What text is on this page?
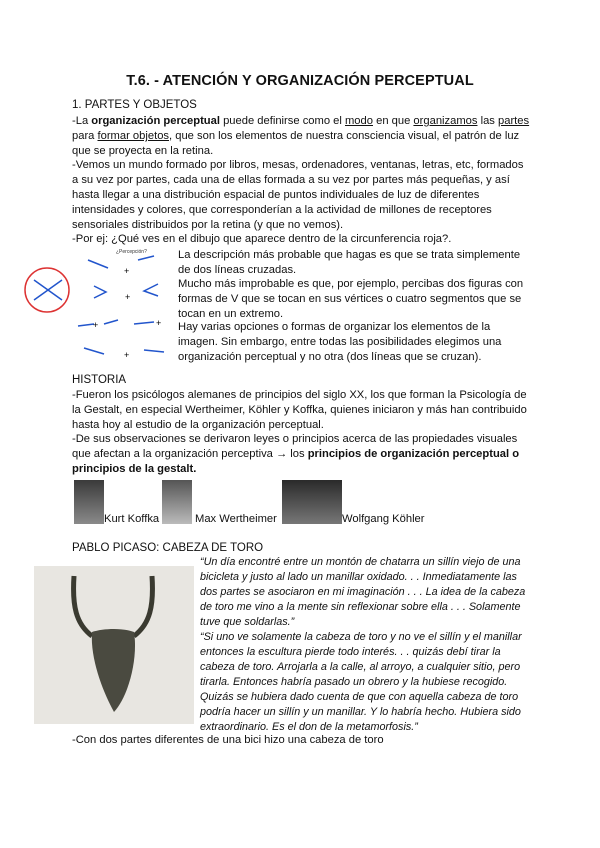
T.6. - ATENCIÓN Y ORGANIZACIÓN PERCEPTUAL
1. PARTES Y OBJETOS
-La organización perceptual puede definirse como el modo en que organizamos las partes para formar objetos, que son los elementos de nuestra consciencia visual, el patrón de luz que se proyecta en la retina.
-Vemos un mundo formado por libros, mesas, ordenadores, ventanas, letras, etc, formados a su vez por partes, cada una de ellas formada a su vez por partes más pequeñas, y así hasta llegar a una distribución espacial de puntos individuales de luz de diferentes intensidades y colores, que corresponderían a la actividad de millones de receptores sensoriales distribuidos por la retina (y que no vemos).
-Por ej: ¿Qué ves en el dibujo que aparece dentro de la circunferencia roja?.
¿Percepción?
+
+
+	+
+
La descripción más probable que hagas es que se trata simplemente de dos líneas cruzadas.
Mucho más improbable es que, por ejemplo, percibas dos figuras con formas de V que se tocan en sus vértices o cuatro segmentos que se tocan en un extremo.
Hay varias opciones o formas de organizar los elementos de la imagen. Sin embargo, entre todas las posibilidades elegimos una organización perceptual y no otra (dos líneas que se cruzan).
HISTORIA
-Fueron los psicólogos alemanes de principios del siglo XX, los que forman la Psicología de la Gestalt, en especial Wertheimer, Köhler y Koffka, quienes iniciaron y más han contribuido hasta hoy al estudio de la organización perceptual.
-De sus observaciones se derivaron leyes o principios acerca de las propiedades visuales que afectan a la organización perceptiva → los principios de organización perceptual o principios de la gestalt.
Kurt Koffka	Max Wertheimer	Wolfgang Köhler
PABLO PICASO: CABEZA DE TORO
“Un día encontré entre un montón de chatarra un sillín viejo de una bicicleta y justo al lado un manillar oxidado. . . Inmediatamente las dos partes se asociaron en mi imaginación . . . La idea de la cabeza de toro me vino a la mente sin reflexionar sobre ella . . . Solamente tuve que soldarlas.”
“Si uno ve solamente la cabeza de toro y no ve el sillín y el manillar entonces la escultura pierde todo interés. . . quizás debí tirar la cabeza de toro. Arrojarla a la calle, al arroyo, a cualquier sitio, pero tirarla. Entonces habría pasado un obrero y la hubiese recogido. Quizás se hubiera dado cuenta de que con aquella cabeza de toro podría hacer un sillín y un manillar. Y lo habría hecho. Hubiera sido extraordinario. Es el don de la metamorfosis.”
-Con dos partes diferentes de una bici hizo una cabeza de toro
